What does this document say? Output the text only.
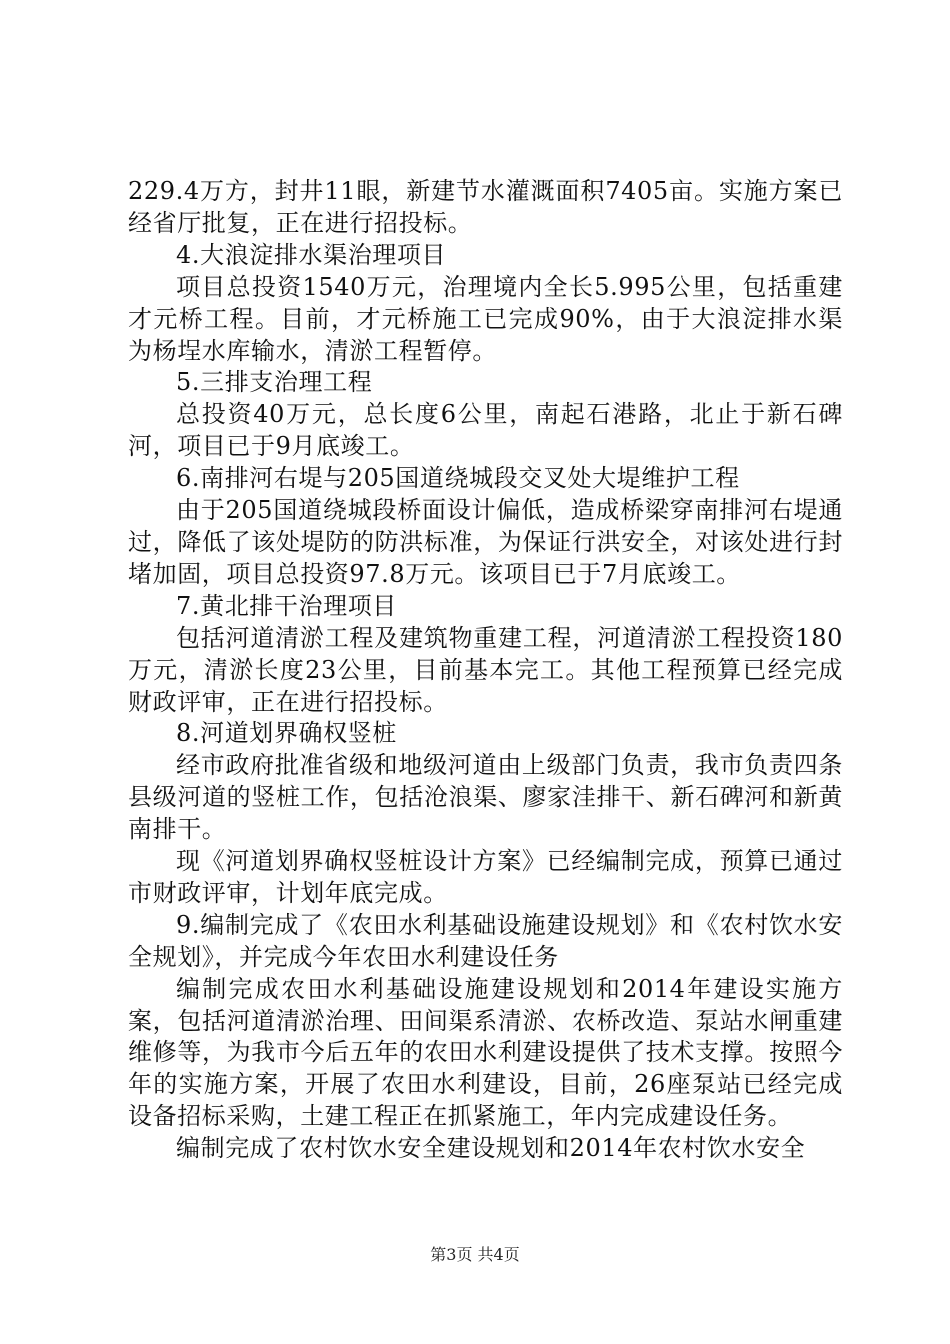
229.4万方，封井11眼，新建节水灌溉面积7405亩。实施方案已经省厅批复，正在进行招投标。

4.大浪淀排水渠治理项目

项目总投资1540万元，治理境内全长5.995公里，包括重建才元桥工程。目前，才元桥施工已完成90%，由于大浪淀排水渠为杨埕水库输水，清淤工程暂停。

5.三排支治理工程

总投资40万元，总长度6公里，南起石港路，北止于新石碑河，项目已于9月底竣工。

6.南排河右堤与205国道绕城段交叉处大堤维护工程

由于205国道绕城段桥面设计偏低，造成桥梁穿南排河右堤通过，降低了该处堤防的防洪标准，为保证行洪安全，对该处进行封堵加固，项目总投资97.8万元。该项目已于7月底竣工。

7.黄北排干治理项目

包括河道清淤工程及建筑物重建工程，河道清淤工程投资180万元，清淤长度23公里，目前基本完工。其他工程预算已经完成财政评审，正在进行招投标。

8.河道划界确权竖桩

经市政府批准省级和地级河道由上级部门负责，我市负责四条县级河道的竖桩工作，包括沧浪渠、廖家洼排干、新石碑河和新黄南排干。

现《河道划界确权竖桩设计方案》已经编制完成，预算已通过市财政评审，计划年底完成。

9.编制完成了《农田水利基础设施建设规划》和《农村饮水安全规划》，并完成今年农田水利建设任务

编制完成农田水利基础设施建设规划和2014年建设实施方案，包括河道清淤治理、田间渠系清淤、农桥改造、泵站水闸重建维修等，为我市今后五年的农田水利建设提供了技术支撑。按照今年的实施方案，开展了农田水利建设，目前，26座泵站已经完成设备招标采购，土建工程正在抓紧施工，年内完成建设任务。

编制完成了农村饮水安全建设规划和2014年农村饮水安全

第3页 共4页
